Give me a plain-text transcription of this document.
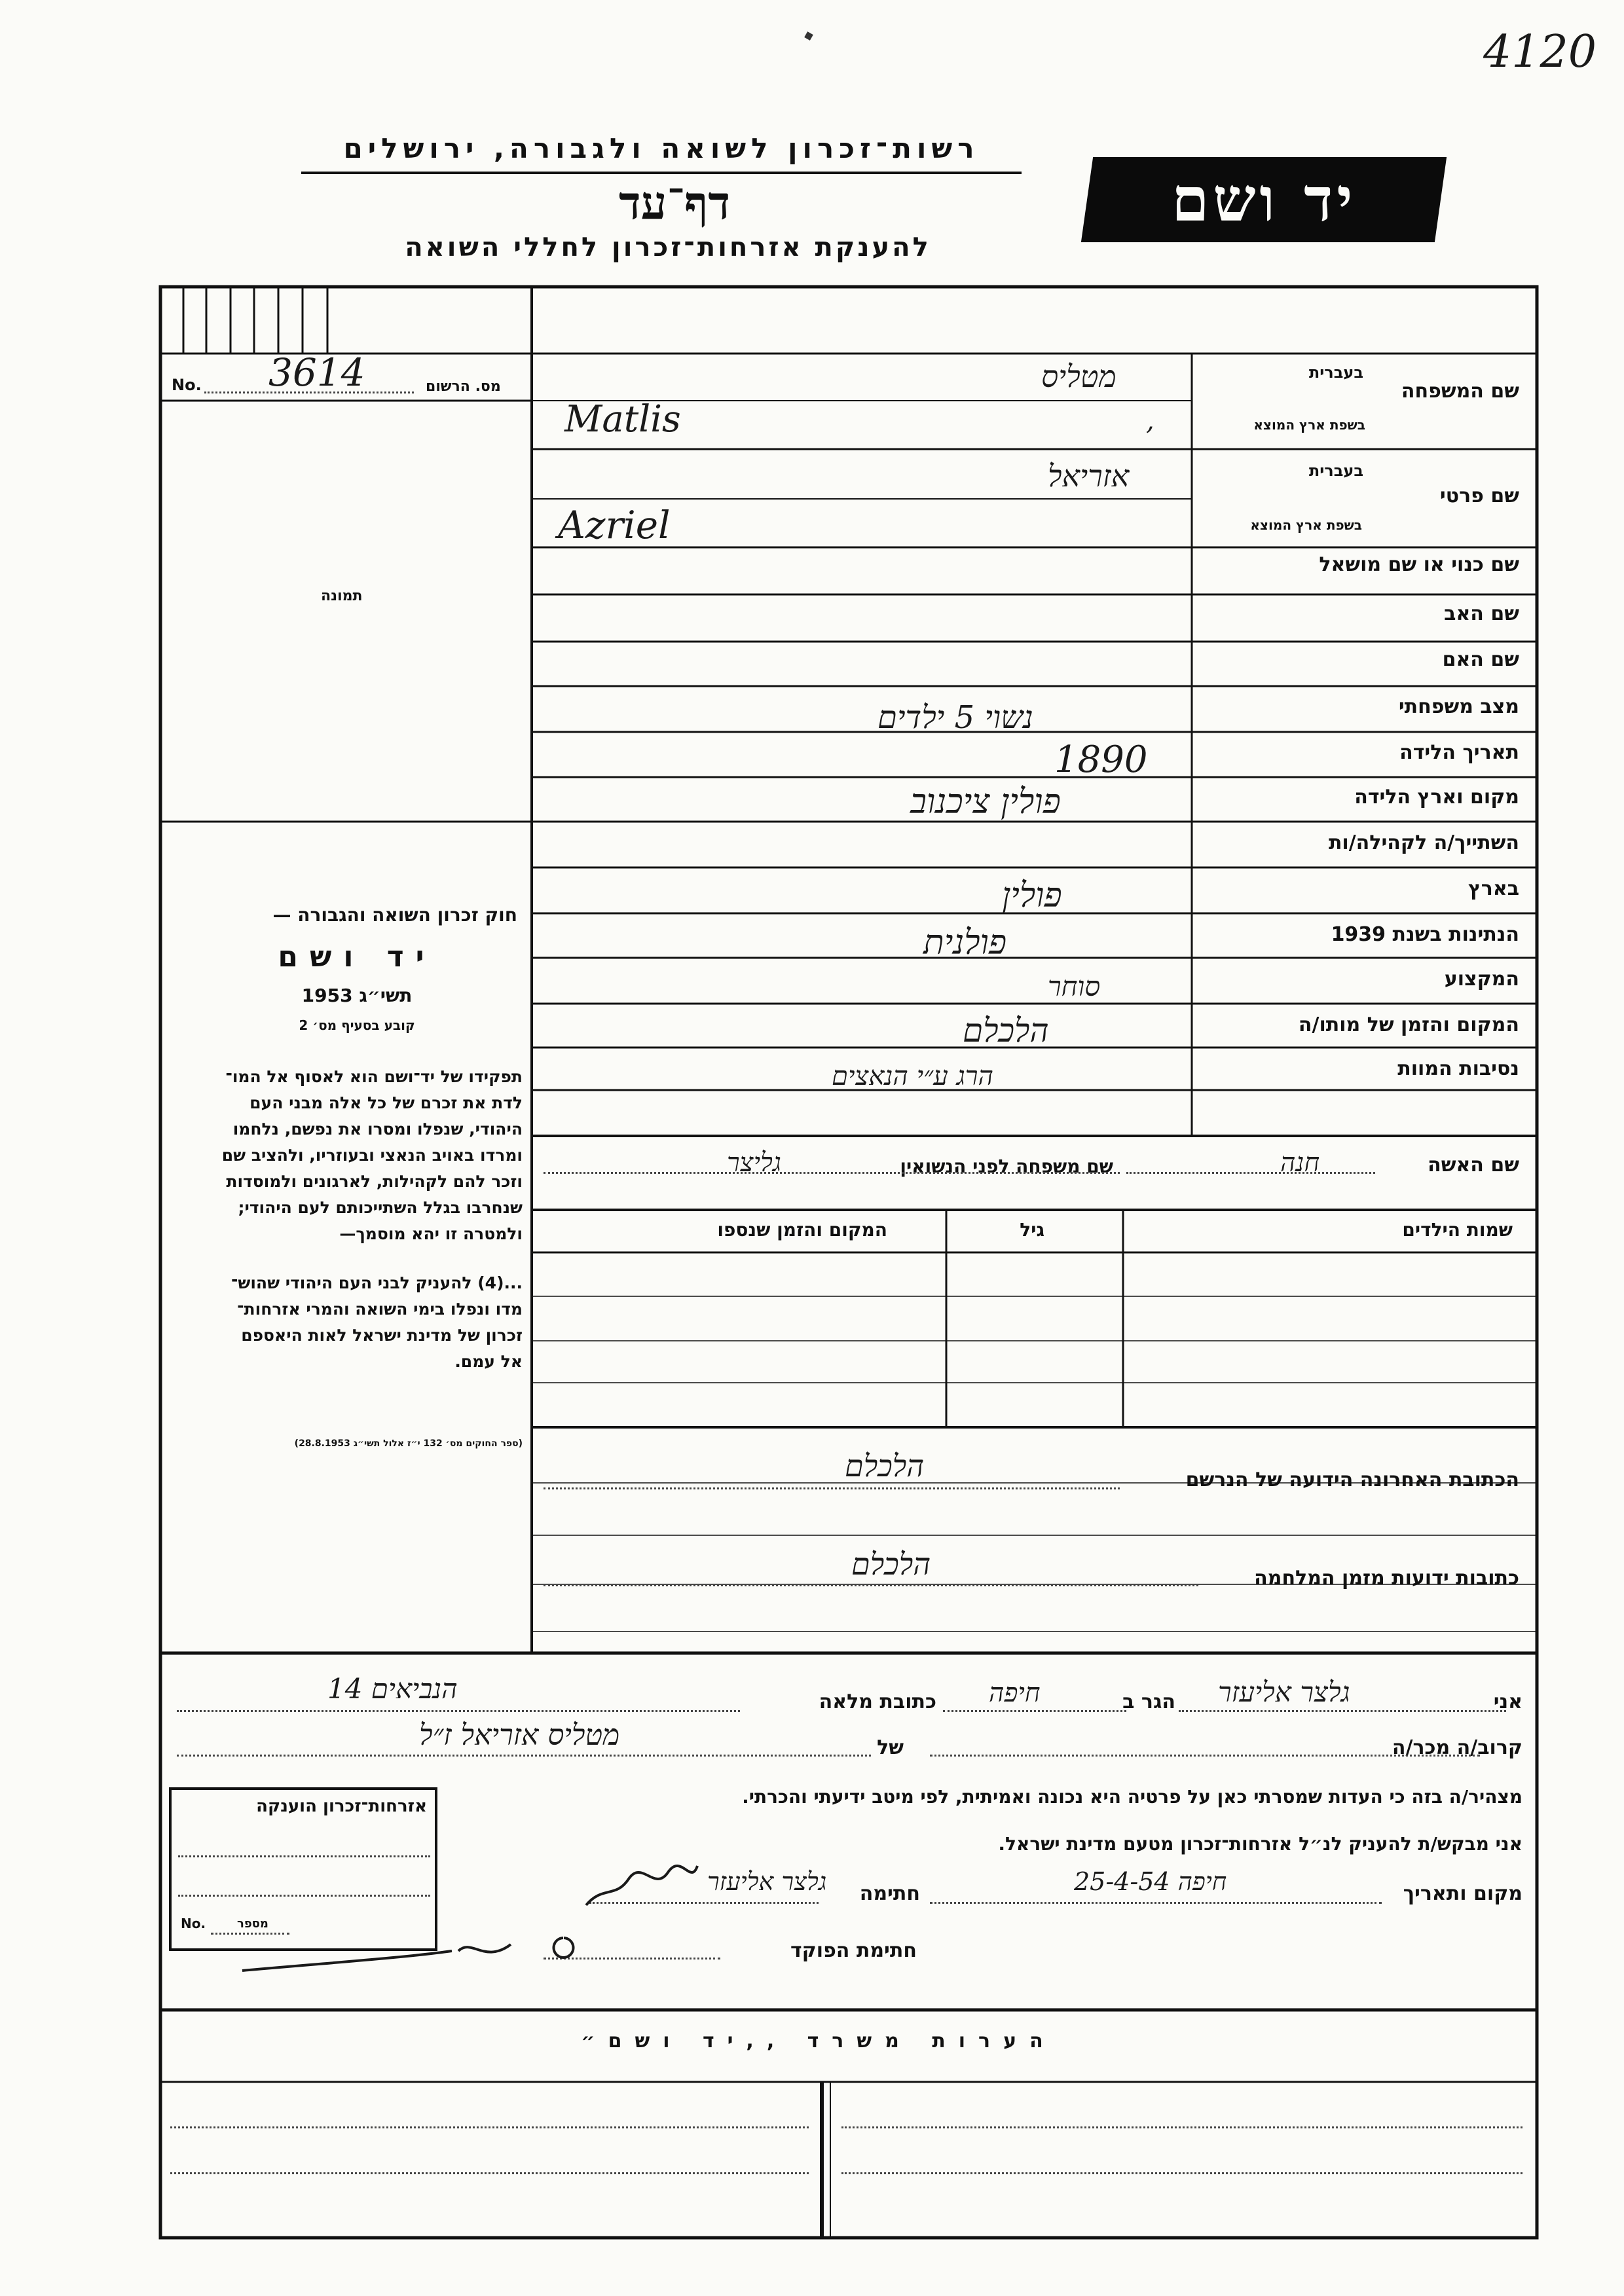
4120
רשות־זכרון לשואה ולגבורה, ירושלים
דף־עד
להענקת אזרחות־זכרון לחללי השואה
יד ושם
מס. הרשום
No. 3614
תמונה
חוק זכרון השואה והגבורה —
יד ושם
תשי״ג 1953
קובע בסעיף מס׳ 2
תפקידו של יד־ושם הוא לאסוף אל המו־
לדת את זכרם של כל אלה מבני העם
היהודי, שנפלו ומסרו את נפשם, נלחמו
ומרדו באויב הנאצי ובעוזריו, ולהציב שם
וזכר להם לקהילות, לארגונים ולמוסדות
שנחרבו בגלל השתייכותם לעם היהודי;
ולמטרה זו יהא מוסמך—
...(4) להעניק לבני העם היהודי שהוש־
מדו ונפלו בימי השואה והמרי אזרחות־
זכרון של מדינת ישראל לאות היאספם
אל עמם.
(ספר החוקים מס׳ 132 י״ז אלול תשי״ג 28.8.1953)
שם המשפחה
בעברית
בשפת ארץ המוצא
שם פרטי
בעברית
בשפת ארץ המוצא
שם כנוי או שם מושאל
שם האב
שם האם
מצב משפחתי
תאריך הלידה
מקום וארץ הלידה
השתייך/ה לקהילה/ות
בארץ
הנתינות בשנת 1939
המקצוע
המקום והזמן של מותו/ה
נסיבות המוות
מטליס
Matlis	,
אזריאל
Azriel
נשוי 5 ילדים
1890
פולין ציכנוב
פולין
פולנית
סוחר
הלכלם
הרג ע״י הנאצים
שם האשה
חנה
שם משפחה לפני הנשואין
גליצר
שמות הילדים
גיל
המקום והזמן שנספו
הכתובת האחרונה הידועה של הנרשם
הלכלם
כתובות ידועות מזמן המלחמה
הלכלם
אני
גלצר אליעזר
הגר ב
חיפה
כתובת מלאה
הנביאים 14
קרוב/ה מכר/ה
של
מטליס אזריאל ז״ל
מצהיר/ה בזה כי העדות שמסרתי כאן על פרטיה היא נכונה ואמיתית, לפי מיטב ידיעתי והכרתי.
אני מבקש/ת להעניק לנ״ל אזרחות־זכרון מטעם מדינת ישראל.
מקום ותאריך
חיפה 25-4-54
חתימה
גלצר אליעזר
חתימת הפוקד
אזרחות־זכרון הוענקה
No.	מספר
הערות משרד ,,יד ושם״
